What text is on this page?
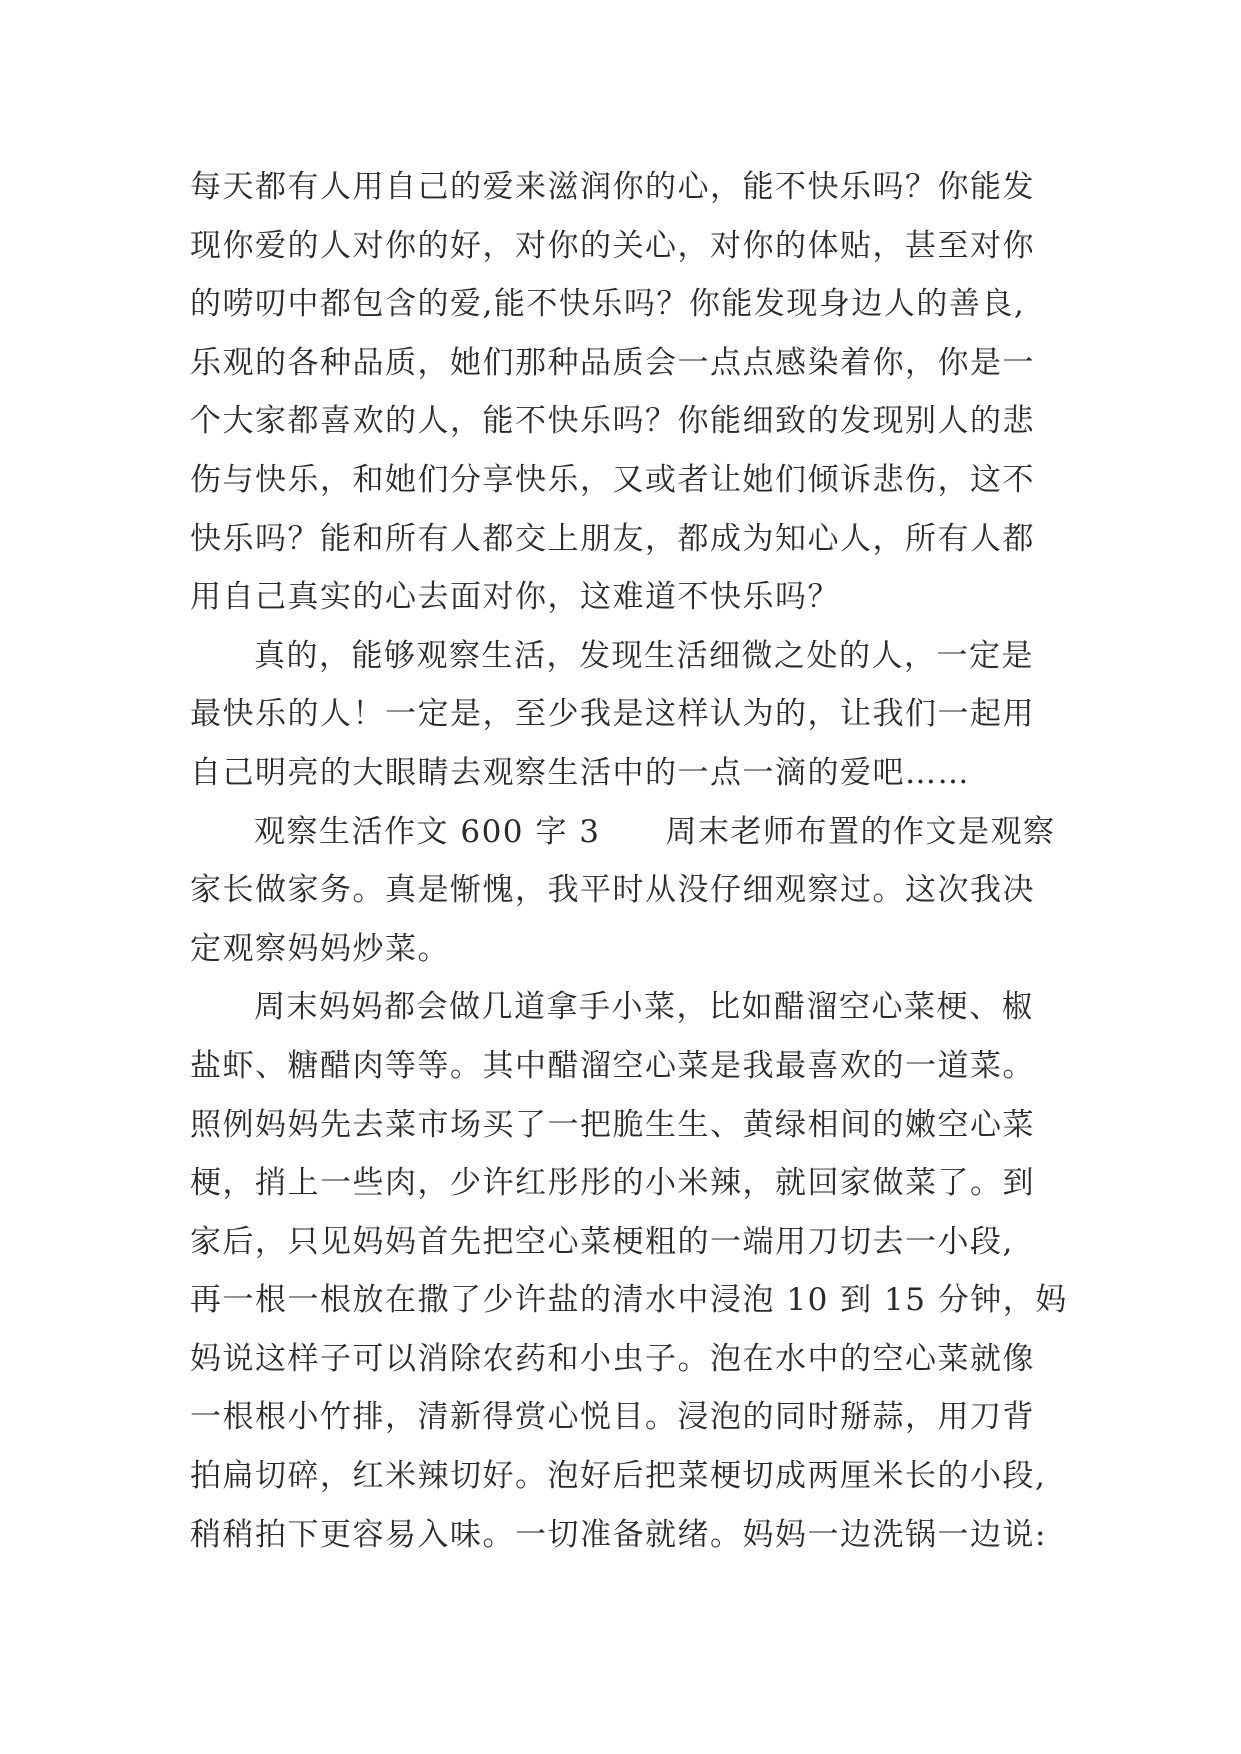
每天都有人用自己的爱来滋润你的心，能不快乐吗？你能发
现你爱的人对你的好，对你的关心，对你的体贴，甚至对你
的唠叨中都包含的爱,能不快乐吗？你能发现身边人的善良,
乐观的各种品质，她们那种品质会一点点感染着你，你是一
个大家都喜欢的人，能不快乐吗？你能细致的发现别人的悲
伤与快乐，和她们分享快乐，又或者让她们倾诉悲伤，这不
快乐吗？能和所有人都交上朋友，都成为知心人，所有人都
用自己真实的心去面对你，这难道不快乐吗？
真的，能够观察生活，发现生活细微之处的人，一定是
最快乐的人！一定是，至少我是这样认为的，让我们一起用
自己明亮的大眼睛去观察生活中的一点一滴的爱吧……
观察生活作文 600 字 3　　周末老师布置的作文是观察
家长做家务。真是惭愧，我平时从没仔细观察过。这次我决
定观察妈妈炒菜。
周末妈妈都会做几道拿手小菜，比如醋溜空心菜梗、椒
盐虾、糖醋肉等等。其中醋溜空心菜是我最喜欢的一道菜。
照例妈妈先去菜市场买了一把脆生生、黄绿相间的嫩空心菜
梗，捎上一些肉，少许红彤彤的小米辣，就回家做菜了。到
家后，只见妈妈首先把空心菜梗粗的一端用刀切去一小段,
再一根一根放在撒了少许盐的清水中浸泡 10 到 15 分钟，妈
妈说这样子可以消除农药和小虫子。泡在水中的空心菜就像
一根根小竹排，清新得赏心悦目。浸泡的同时掰蒜，用刀背
拍扁切碎，红米辣切好。泡好后把菜梗切成两厘米长的小段,
稍稍拍下更容易入味。一切准备就绪。妈妈一边洗锅一边说:
